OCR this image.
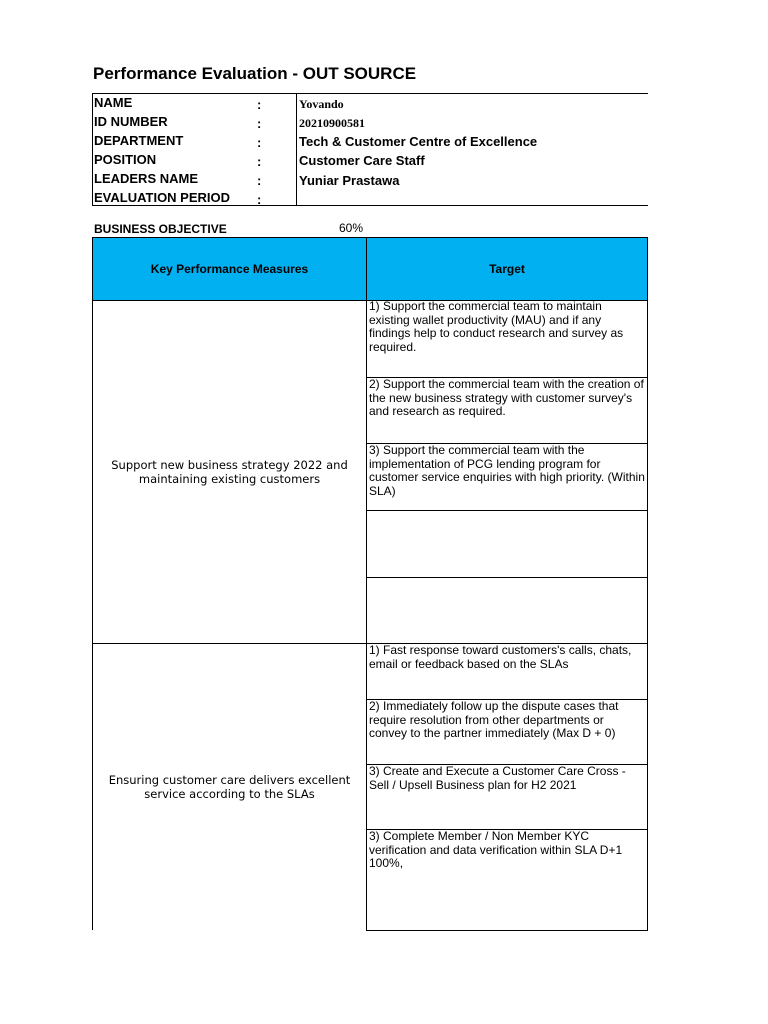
Performance Evaluation - OUT SOURCE
NAME	:	Yovando
ID NUMBER	:	20210900581
DEPARTMENT	:	Tech & Customer Centre of Excellence
POSITION	:	Customer Care Staff
LEADERS NAME	:	Yuniar Prastawa
EVALUATION PERIOD :
BUSINESS OBJECTIVE	60%
Key Performance Measures	Target
Support new business strategy 2022 and maintaining existing customers
1) Support the commercial team to maintain existing wallet productivity (MAU) and if any findings help to conduct research and survey as required.
2) Support the commercial team with the creation of the new business strategy with customer survey's and research as required.
3) Support the commercial team with the implementation of PCG lending program for customer service enquiries with high priority. (Within SLA)
Ensuring customer care delivers excellent service according to the SLAs
1) Fast response toward customers's calls, chats, email or feedback based on the SLAs
2) Immediately follow up the dispute cases that require resolution from other departments or convey to the partner immediately (Max D + 0)
3) Create and Execute a Customer Care Cross - Sell / Upsell Business plan for H2 2021
3) Complete Member / Non Member KYC verification and data verification within SLA D+1 100%,
